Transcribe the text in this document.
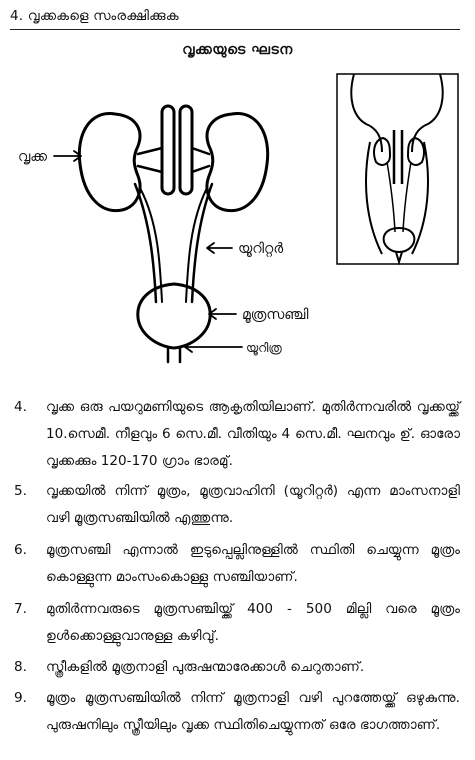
4. വൃക്കകളെ സംരക്ഷിക്കുക
വൃക്കയുടെ ഘടന
വൃക്ക
യൂറിറ്റർ
മൂത്രസഞ്ചി
യൂറിത്ര
4.	വൃക്ക ഒരു പയറുമണിയുടെ ആകൃതിയിലാണ്. മുതിർന്നവരിൽ വൃക്കയ്ക്ക് 10.സെമീ. നീളവും 6 സെ.മീ. വീതിയും 4 സെ.മീ. ഘനവും ഉ്. ഓരോ വൃക്കക്കും 120-170 ഗ്രാം ഭാരമു്.
5.	വൃക്കയിൽ നിന്ന് മൂത്രം, മൂത്രവാഹിനി (യൂറിറ്റർ) എന്ന മാംസനാളി വഴി മൂത്രസഞ്ചിയിൽ എത്തുന്നു.
6.	മൂത്രസഞ്ചി എന്നാൽ ഇടുപ്പെല്ലിനുള്ളിൽ സ്ഥിതി ചെയ്യുന്ന മൂത്രം കൊള്ളുന്ന മാംസംകൊള്ളു സഞ്ചിയാണ്.
7.	മുതിർന്നവരുടെ മൂത്രസഞ്ചിയ്ക്ക് 400 - 500 മില്ലി വരെ മൂത്രം ഉൾക്കൊള്ളുവാനുള്ള കഴിവു്.
8.	സ്ത്രീകളിൽ മൂത്രനാളി പുരുഷന്മാരേക്കാൾ ചെറുതാണ്.
9.	മൂത്രം മൂത്രസഞ്ചിയിൽ നിന്ന് മൂത്രനാളി വഴി പുറത്തേയ്ക്ക് ഒഴുകുന്നു. പുരുഷനിലും സ്ത്രീയിലും വൃക്ക സ്ഥിതിചെയ്യുന്നത് ഒരേ ഭാഗത്താണ്.
